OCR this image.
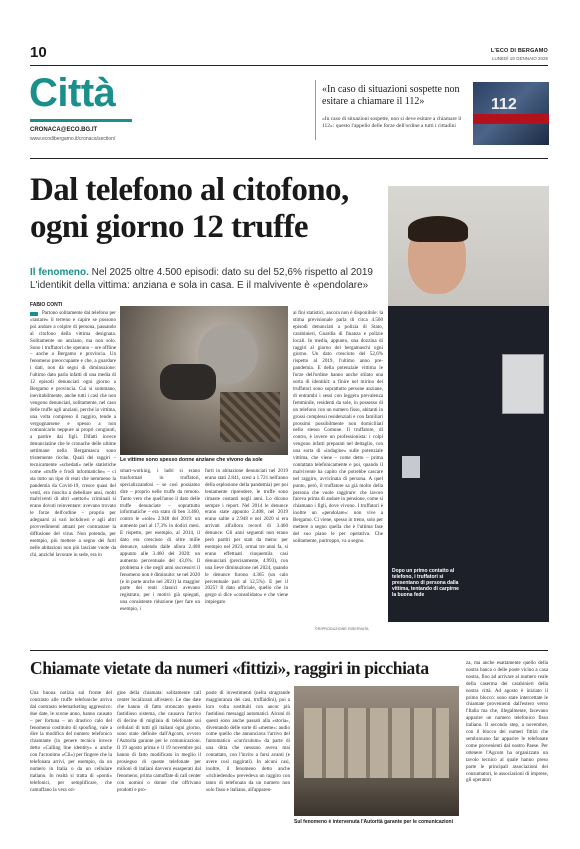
10	L'ECO DI BERGAMO
LUNEDÌ 19 GENNAIO 2026
Città
CRONACA@ECO.BG.IT
www.ecodibergamo.it/cronaca/section/
«In caso di situazioni sospette non esitare a chiamare il 112»
«In caso di situazioni sospette, non si deve esitare a chiamare il 112»: questo l'appello delle forze dell'ordine a tutti i cittadini
112
Dal telefono al citofono,
ogni giorno 12 truffe
Il fenomeno. Nel 2025 oltre 4.500 episodi: dato su del 52,6% rispetto al 2019
L'identikit della vittima: anziana e sola in casa. E il malvivente è «pendolare»
FABIO CONTI
Le vittime sono spesso donne anziane che vivono da sole
Dopo un primo contatto al telefono, i truffatori si presentano di persona dalla vittima, tentando di carpirne la buona fede
©RIPRODUZIONE RISERVATA

Partono solitamente dal telefono per «tastare» il terreno e capire se possono poi andare a colpire di persona, passando al citofono della vittima designata. Solitamente un anziano, ma non solo. Sono i truffatori che operano – ore offline – anche a Bergamo e provincia. Un fenomeno preoccupante e che, a guardare i dati, non dà segni di diminuzione: l'ultimo dato parla infatti di una media di 12 episodi denunciati ogni giorno a Bergamo e provincia. Cui si sommano, inevitabilmente, anche tutti i casi che non vengono denunciati, solitamente, nel caso delle truffe agli anziani, perché la vittima, una volta compreso il raggiro, tende a vergognarsene e spesso a non comunicarlo neppure ai propri congiunti, a partire dai figli. Difatti invece denunciatine che le cronache delle ultime settimane nella Bergamasca sono tristemente ricche. Quali dei raggiri – tecnicamente «schedati» nelle statistiche come «truffe e frodi informatiche» – ci sta tutto un tipo di reati che nemmeno la pandemia da Covid-19, cresce quasi del venti, era riuscita a debellare ansi, molti malviventi di altri «settori» criminali si erano dovuti reinventare: avevano trovato le forze dell'ordine – proprio per adeguarsi ai vari lockdown e agli altri provvedimenti attuati per contrastare la diffusione del virus. Non potendo, per esempio, più mettere a segno dei furti nelle abitazioni non più lasciate vuote da chi, anziché lavorare in sede, era in

smart-working, i ladri si erano trasformati in truffatori, specializzandosi – se così possiamo dire – proprio nelle truffe da remoto. Tanto vero che quell'anno il dato delle truffe denunciate – soprattutto informatiche – era stato di ben 3.460, contro le «sole» 2.948 del 2019: un aumento pari al 17,3% in dodici mesi. E rispetto, per esempio, al 2014, il dato era cresciuto di oltre mille denunce, salendo dalle allora 2.408 appunto alle 3.460 del 2020: un aumento percentuale del 43,6%. Il problema è che negli anni successivi il fenomeno non è diminuito: se nel 2020 (e in parte anche nel 2021) la maggior parte dei reati classici avevano registrato, per i motivi già spiegati, una consistente riduzione (per fare un esempio, i

furti in abitazione denunciati nel 2019 erano stati 2.841, scesi a 1.721 nell'anno della esplosione della pandemia) per poi lentamente riprendere, le truffe sono rimaste costanti negli anni. Lo dicono sempre i report. Nel 2014 le denunce erano state appunto 2.408, nel 2019 erano salite a 2.948 e nel 2020 si era arrivati all'allora record di 3.460 denunce. Gli anni seguenti non erano però partiti per stati da meno: per esempio nel 2023, ormai tre anni fa, si erano effettuati cinquemila casi denunciati (precisamente, 4.993), con una lieve diminuzione nel 2024, quando le denunce furono 4.365 (un calo percentuale pari al 12,5%). E per il 2025? Il dato ufficiale, quello che in gergo si dice «consolidato» e che viene impiegato

ai fini statistici, ancora non è disponibile: la stima previsionale parla di circa 4.500 episodi denunciati a polizia di Stato, carabinieri, Guardia di finanza e polizie locali. In media, appunto, una dozzina di raggiri al giorno dei bergamaschi ogni giorno. Un dato cresciuto del 52,6% rispetto al 2019, l'ultimo anno pre-pandemia. E della potenziale vittima le forze dell'ordine hanno anche stilato una sorta di identikit: a finire nel mirino dei truffatori sono soprattutto persone anziane, di entrambi i sessi con leggera prevalenza femminile, residenti da sole, in possesso di un telefono con un numero fisso, abitanti in grossi complessi residenziali e con familiari prossimi possibilmente non domiciliati nello stesso Comune. Il truffatore, di contro, è invece un professionista: i colpi vengono infatti preparati nel dettaglio, con una sorta di «indagine» sulle potenziale vittima, che viene – come detto – prima contattata telefonicamente e poi, quando il malvivente ha capito che potrebbe cascare nel raggiro, avvicinata di persona. A quel punto, però, il truffatore sa già molto della persona che vuole raggirare: che lavoro faceva prima di andare in pensione, come si chiamano i figli, dove vivono. I truffatori è inoltre un «pendolare»: non vive a Bergamo. Ci viene, spesso in treno, solo per mettere a segno quella che è l'ultima fase del suo piano le per operativa. Che solitamente, purtroppo, va a segno.

Chiamate vietate da numeri «fittizi», raggiri in picchiata

Una buona notizia sul fronte del contrasto alle truffe telefoniche arriva dal contrasto telemarketing aggressivo: due date, le scorse anno, hanno causato – per fortuna – un drastico calo del fenomeno costituito di spoofing, vale a dire la modifica del numero telefonico chiamante (in genere tecnico invece detto «Calling line identity» o anche con l'acronimo «Cli») per fingere che la telefonata arrivi, per esempio, da un numero in Italia o da un cellulare italiano. In realtà si tratta di «ponti» telefonici, per semplificare, che camuffano la vera ori-

gine della chiamata: solitamente call center localizzati all'estero. Le due date che hanno di fatto stroncato questo fastidioso sistema, che causava l'arrivo di decine di migliaia di telefonate sui cellulari di tutti gli italiani ogni giorno, sono state definite dall'Agcom, ovvero l'Autorità garante per le comunicazioni. Il 19 agosto prima e il 19 novembre poi hanno di fatto modificato in meglio il prosieguo di queste telefonate per milioni di italiani davvero esasperati dal fenomeno, prima camuffate di call center con uomini o donne che offrivano prodotti e pro-

poste di investimenti (nella stragrande maggioranza dei casi, truffaldini), poi a loro volta sostituiti con ancor più fastidiosi messaggi automatici. Alcuni di questi sono anche passati alla «storia», diventando delle sorte di «meme»: audio come quello che annunciava l'arrivo del fantomatico «curriculum» da parte di una ditta che nessuno aveva mai contattato, con l'invito a farsi avanti (e avere così raggirati). In alcuni casi, inoltre, il fenomeno detto anche «richiedendo» prevedeva un raggiro con tanto di telefonata da un numero non solo fisso e italiano, all'apparen-

Sul fenomeno è intervenuta l'Autorità garante per le comunicazioni

za, ma anche esattamente quello della nostra banca o delle poste vicino a casa nostra, fino ad arrivare al numero reale della caserma dei carabinieri della nostra città. Ad agosto è iniziato il primo blocco: sono state intercettate le chiamate provenienti dall'estero verso l'Italia ma che, illegalmente, facevano apparire un numero telefonico fisso italiano. Il secondo step, a novembre, con il blocco dei numeri fittizi che sembravano far apparire le telefonate come provenienti dal nostro Paese. Per ottenere l'Agcom ha organizzato un tavolo tecnico al quale hanno preso parte le principali associazioni dei consumatori, le associazioni di imprese, gli operatori
